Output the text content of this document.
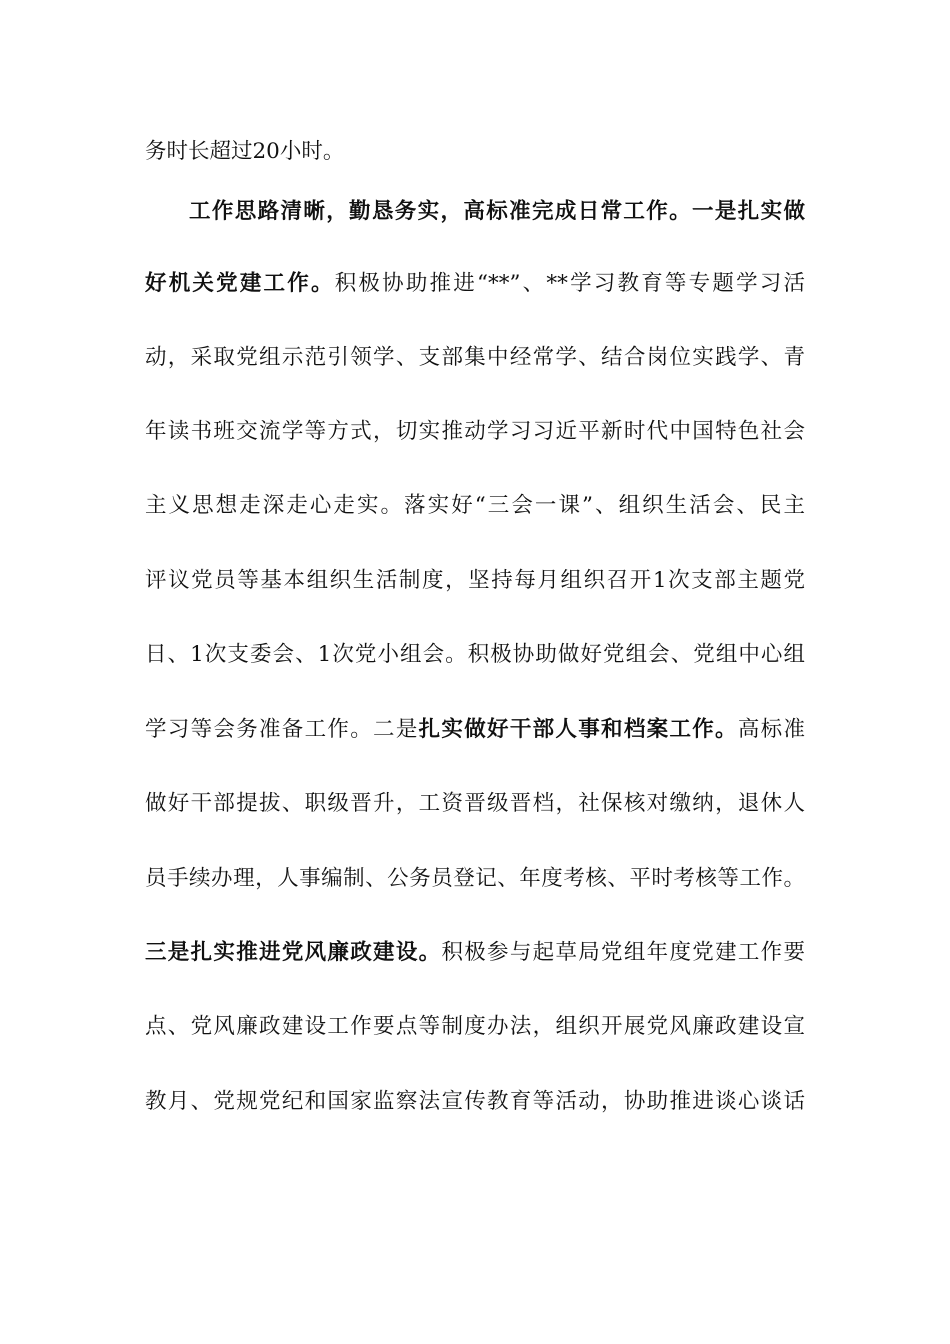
务时长超过20小时。
工作思路清晰，勤恳务实，高标准完成日常工作。一是扎实做
好机关党建工作。积极协助推进“**”、**学习教育等专题学习活
动，采取党组示范引领学、支部集中经常学、结合岗位实践学、青
年读书班交流学等方式，切实推动学习习近平新时代中国特色社会
主义思想走深走心走实。落实好“三会一课”、组织生活会、民主
评议党员等基本组织生活制度，坚持每月组织召开1次支部主题党
日、1次支委会、1次党小组会。积极协助做好党组会、党组中心组
学习等会务准备工作。二是扎实做好干部人事和档案工作。高标准
做好干部提拔、职级晋升，工资晋级晋档，社保核对缴纳，退休人
员手续办理，人事编制、公务员登记、年度考核、平时考核等工作。
三是扎实推进党风廉政建设。积极参与起草局党组年度党建工作要
点、党风廉政建设工作要点等制度办法，组织开展党风廉政建设宣
教月、党规党纪和国家监察法宣传教育等活动，协助推进谈心谈话
